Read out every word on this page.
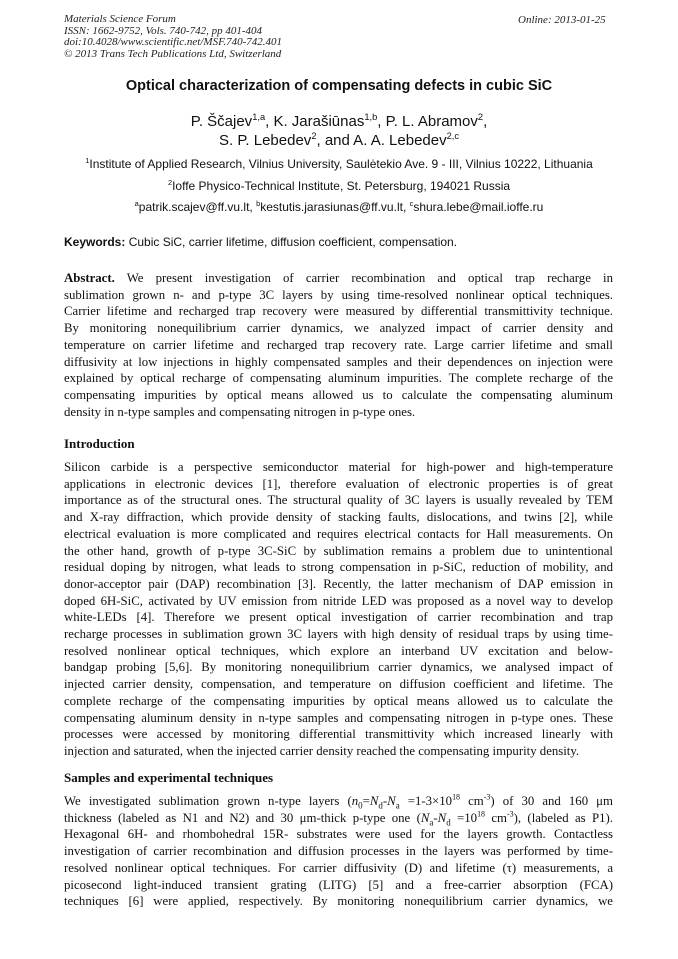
Materials Science Forum
ISSN: 1662-9752, Vols. 740-742, pp 401-404
doi:10.4028/www.scientific.net/MSF.740-742.401
© 2013 Trans Tech Publications Ltd, Switzerland
Online: 2013-01-25
Optical characterization of compensating defects in cubic SiC
P. Ščajev$^{1,a}$, K. Jarašiūnas$^{1,b}$, P. L. Abramov$^2$,
S. P. Lebedev$^2$, and A. A. Lebedev$^{2,c}$
$^1$Institute of Applied Research, Vilnius University, Saulėtekio Ave. 9 - III, Vilnius 10222, Lithuania
$^2$Ioffe Physico-Technical Institute, St. Petersburg, 194021 Russia
$^a$patrik.scajev@ff.vu.lt, $^b$kestutis.jarasiunas@ff.vu.lt, $^c$shura.lebe@mail.ioffe.ru
Keywords: Cubic SiC, carrier lifetime, diffusion coefficient, compensation.
Abstract. We present investigation of carrier recombination and optical trap recharge in
sublimation grown n- and p-type 3C layers by using time-resolved nonlinear optical techniques.
Carrier lifetime and recharged trap recovery were measured by differential transmittivity technique.
By monitoring nonequilibrium carrier dynamics, we analyzed impact of carrier density and
temperature on carrier lifetime and recharged trap recovery rate. Large carrier lifetime and small
diffusivity at low injections in highly compensated samples and their dependences on injection were
explained by optical recharge of compensating aluminum impurities. The complete recharge of the
compensating impurities by optical means allowed us to calculate the compensating aluminum
density in n-type samples and compensating nitrogen in p-type ones.
Introduction
Silicon carbide is a perspective semiconductor material for high-power and high-temperature
applications in electronic devices [1], therefore evaluation of electronic properties is of great
importance as of the structural ones. The structural quality of 3C layers is usually revealed by TEM
and X-ray diffraction, which provide density of stacking faults, dislocations, and twins [2], while
electrical evaluation is more complicated and requires electrical contacts for Hall measurements. On
the other hand, growth of p-type 3C-SiC by sublimation remains a problem due to unintentional
residual doping by nitrogen, what leads to strong compensation in p-SiC, reduction of mobility, and
donor-acceptor pair (DAP) recombination [3]. Recently, the latter mechanism of DAP emission in
doped 6H-SiC, activated by UV emission from nitride LED was proposed as a novel way to develop
white-LEDs [4]. Therefore we present optical investigation of carrier recombination and trap
recharge processes in sublimation grown 3C layers with high density of residual traps by using time-
resolved nonlinear optical techniques, which explore an interband UV excitation and below-
bandgap probing [5,6]. By monitoring nonequilibrium carrier dynamics, we analysed impact of
injected carrier density, compensation, and temperature on diffusion coefficient and lifetime. The
complete recharge of the compensating impurities by optical means allowed us to calculate the
compensating aluminum density in n-type samples and compensating nitrogen in p-type ones. These
processes were accessed by monitoring differential transmittivity which increased linearly with
injection and saturated, when the injected carrier density reached the compensating impurity density.
Samples and experimental techniques
We investigated sublimation grown n-type layers ($n_0=N_d-N_a =1-3\times 10^{18}$ $cm^{-3}$) of 30 and 160 μm
thickness (labeled as N1 and N2) and 30 μm-thick p-type one ($N_a-N_d =10^{18}$ $cm^{-3}$), (labeled as P1).
Hexagonal 6H- and rhombohedral 15R- substrates were used for the layers growth. Contactless
investigation of carrier recombination and diffusion processes in the layers was performed by time-
resolved nonlinear optical techniques. For carrier diffusivity (D) and lifetime (τ) measurements, a
picosecond light-induced transient grating (LITG) [5] and a free-carrier absorption (FCA)
techniques [6] were applied, respectively. By monitoring nonequilibrium carrier dynamics, we
